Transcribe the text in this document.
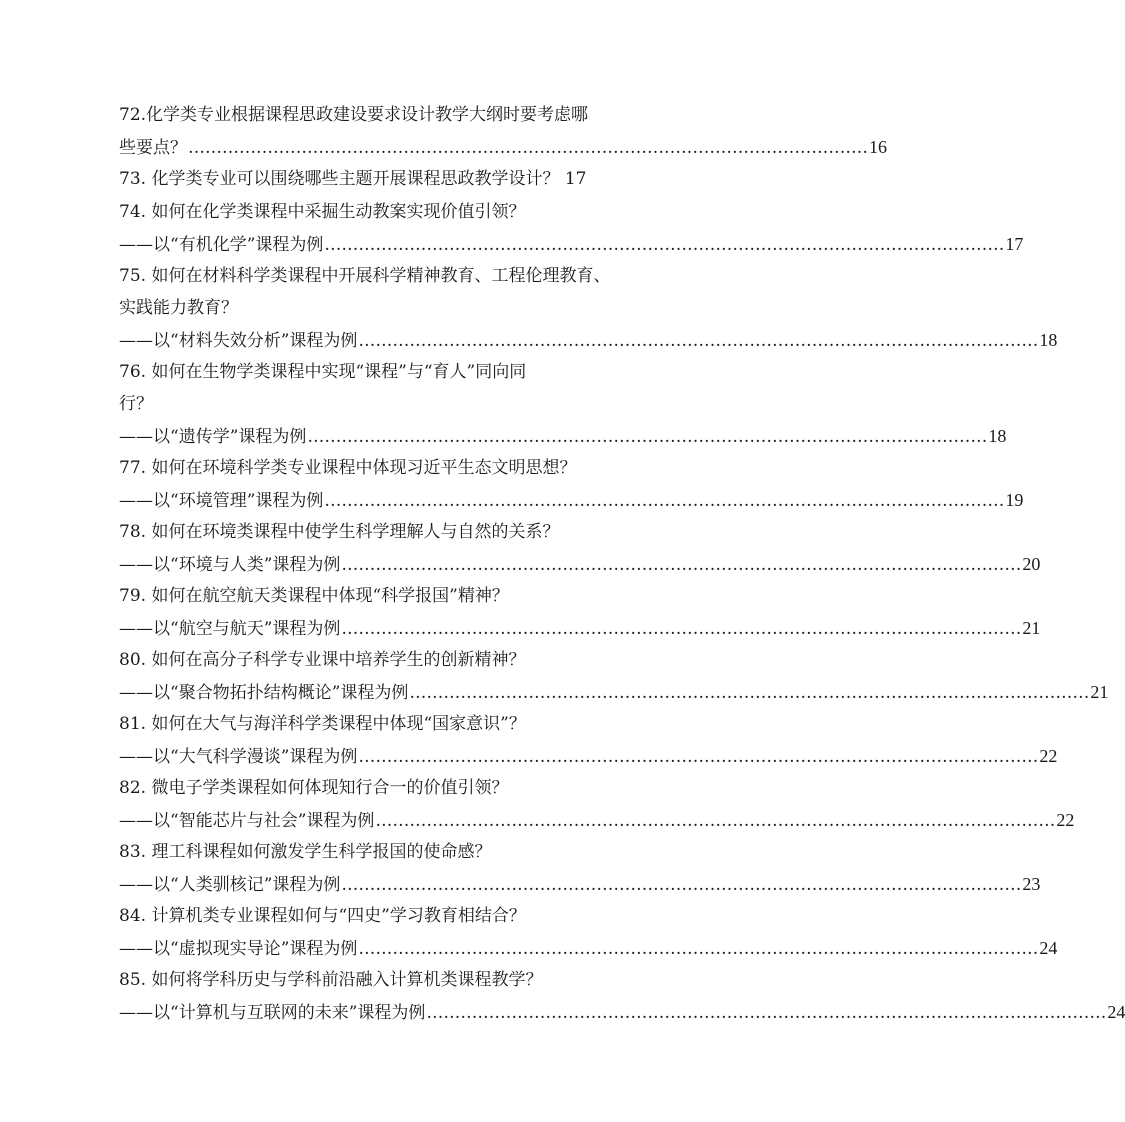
72.化学类专业根据课程思政建设要求设计教学大纲时要考虑哪
些要点？ ………………………………………………………………………………………………………… 16
73. 化学类专业可以围绕哪些主题开展课程思政教学设计？ 17
74. 如何在化学类课程中采掘生动教案实现价值引领？
——以“有机化学”课程为例 ………………………………………………………………………………………………………… 17
75. 如何在材料科学类课程中开展科学精神教育、工程伦理教育、
实践能力教育？
——以“材料失效分析”课程为例 ………………………………………………………………………………………………………… 18
76. 如何在生物学类课程中实现“课程”与“育人”同向同
行？
——以“遗传学”课程为例 ………………………………………………………………………………………………………… 18
77. 如何在环境科学类专业课程中体现习近平生态文明思想？
——以“环境管理”课程为例 ………………………………………………………………………………………………………… 19
78. 如何在环境类课程中使学生科学理解人与自然的关系？
——以“环境与人类”课程为例 ………………………………………………………………………………………………………… 20
79. 如何在航空航天类课程中体现“科学报国”精神？
——以“航空与航天”课程为例 ………………………………………………………………………………………………………… 21
80. 如何在高分子科学专业课中培养学生的创新精神？
——以“聚合物拓扑结构概论”课程为例 ………………………………………………………………………………………………………… 21
81. 如何在大气与海洋科学类课程中体现“国家意识”？
——以“大气科学漫谈”课程为例 ………………………………………………………………………………………………………… 22
82. 微电子学类课程如何体现知行合一的价值引领？
——以“智能芯片与社会”课程为例 ………………………………………………………………………………………………………… 22
83. 理工科课程如何激发学生科学报国的使命感？
——以“人类驯核记”课程为例 ………………………………………………………………………………………………………… 23
84. 计算机类专业课程如何与“四史”学习教育相结合？
——以“虚拟现实导论”课程为例 ………………………………………………………………………………………………………… 24
85. 如何将学科历史与学科前沿融入计算机类课程教学？
——以“计算机与互联网的未来”课程为例 ………………………………………………………………………………………………………… 24
